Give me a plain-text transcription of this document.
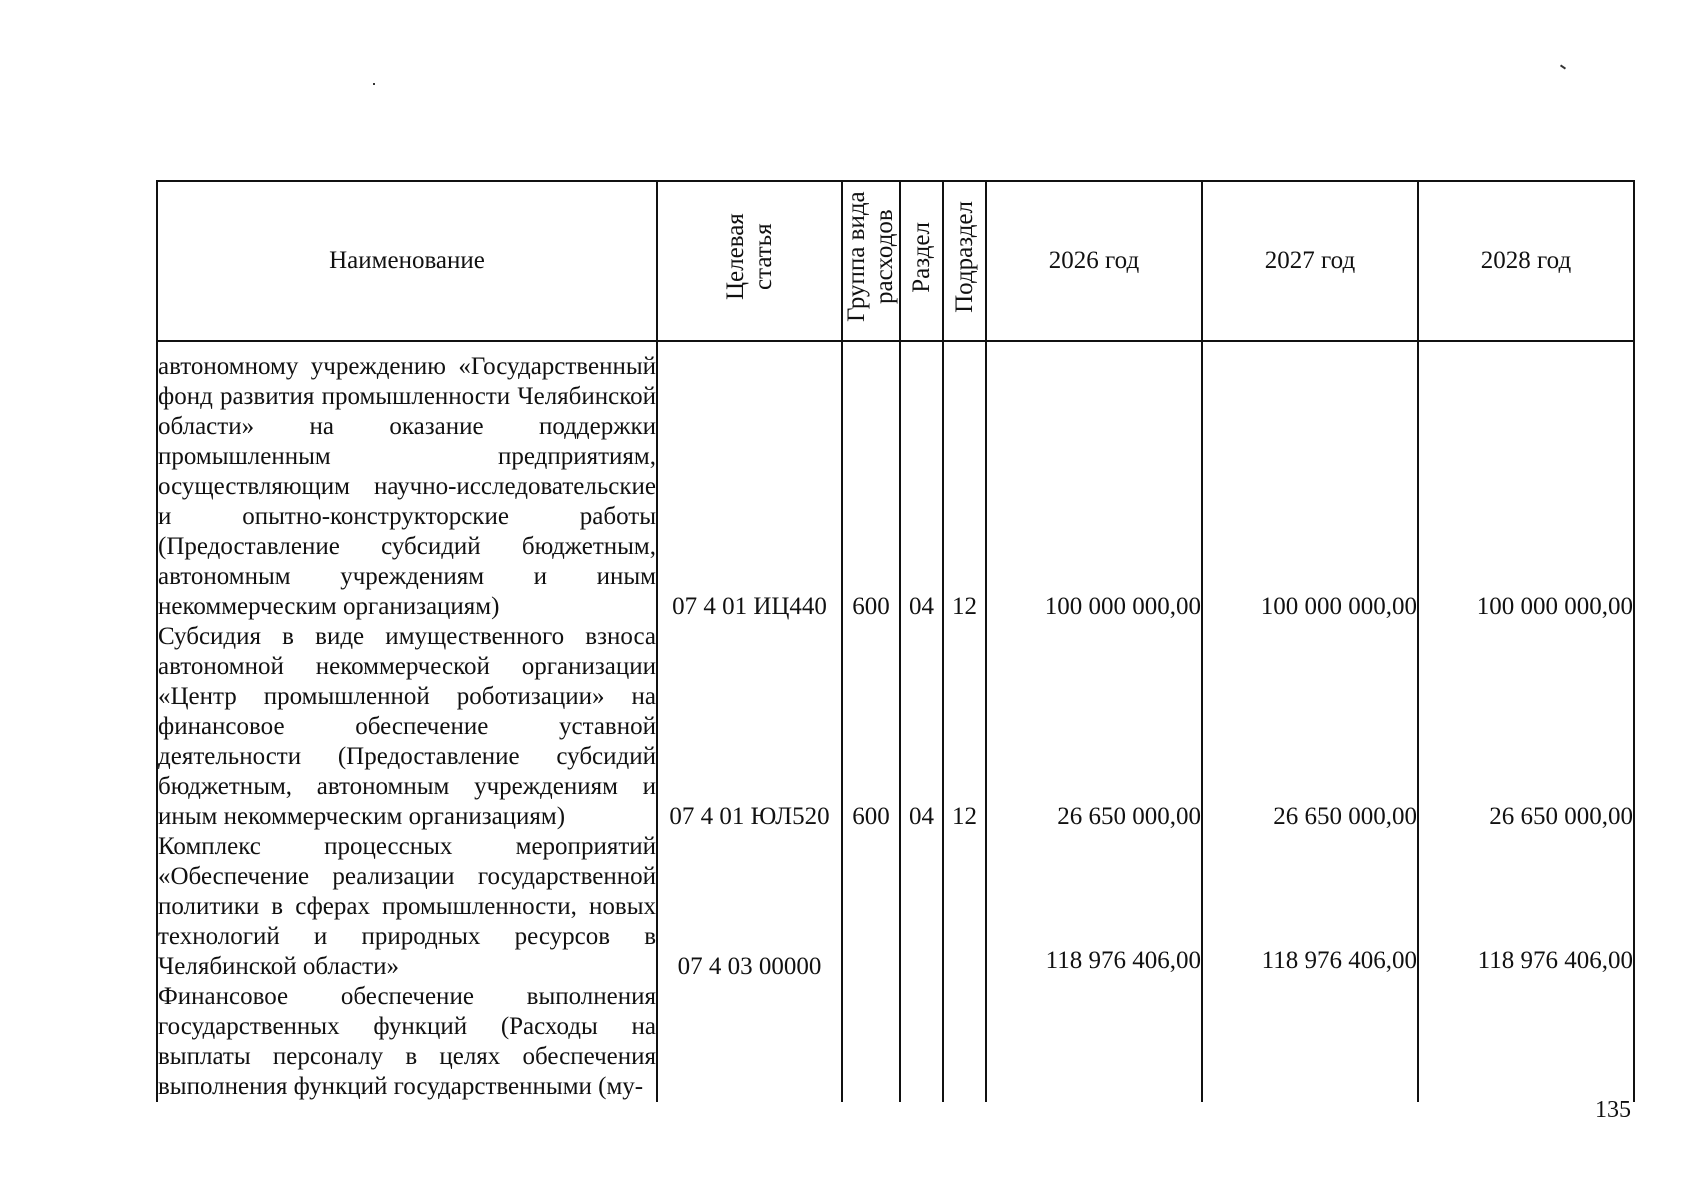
Наименование	Целевая статья	Группа вида расходов	Раздел	Подраздел	2026 год	2027 год	2028 год

автономному учреждению «Государственный фонд развития промышленности Челябинской области» на оказание поддержки промышленным предприятиям, осуществляющим научно-исследовательские и опытно-конструкторские работы (Предоставление субсидий бюджетным, автономным учреждениям и иным некоммерческим организациям)	07 4 01 ИЦ440	600	04	12	100 000 000,00	100 000 000,00	100 000 000,00

Субсидия в виде имущественного взноса автономной некоммерческой организации «Центр промышленной роботизации» на финансовое обеспечение уставной деятельности (Предоставление субсидий бюджетным, автономным учреждениям и иным некоммерческим организациям)	07 4 01 ЮЛ520	600	04	12	26 650 000,00	26 650 000,00	26 650 000,00

Комплекс процессных мероприятий «Обеспечение реализации государственной политики в сферах промышленности, новых технологий и природных ресурсов в Челябинской области»	07 4 03 00000				118 976 406,00	118 976 406,00	118 976 406,00

Финансовое обеспечение выполнения государственных функций (Расходы на выплаты персоналу в целях обеспечения выполнения функций государственными (му-							

135
